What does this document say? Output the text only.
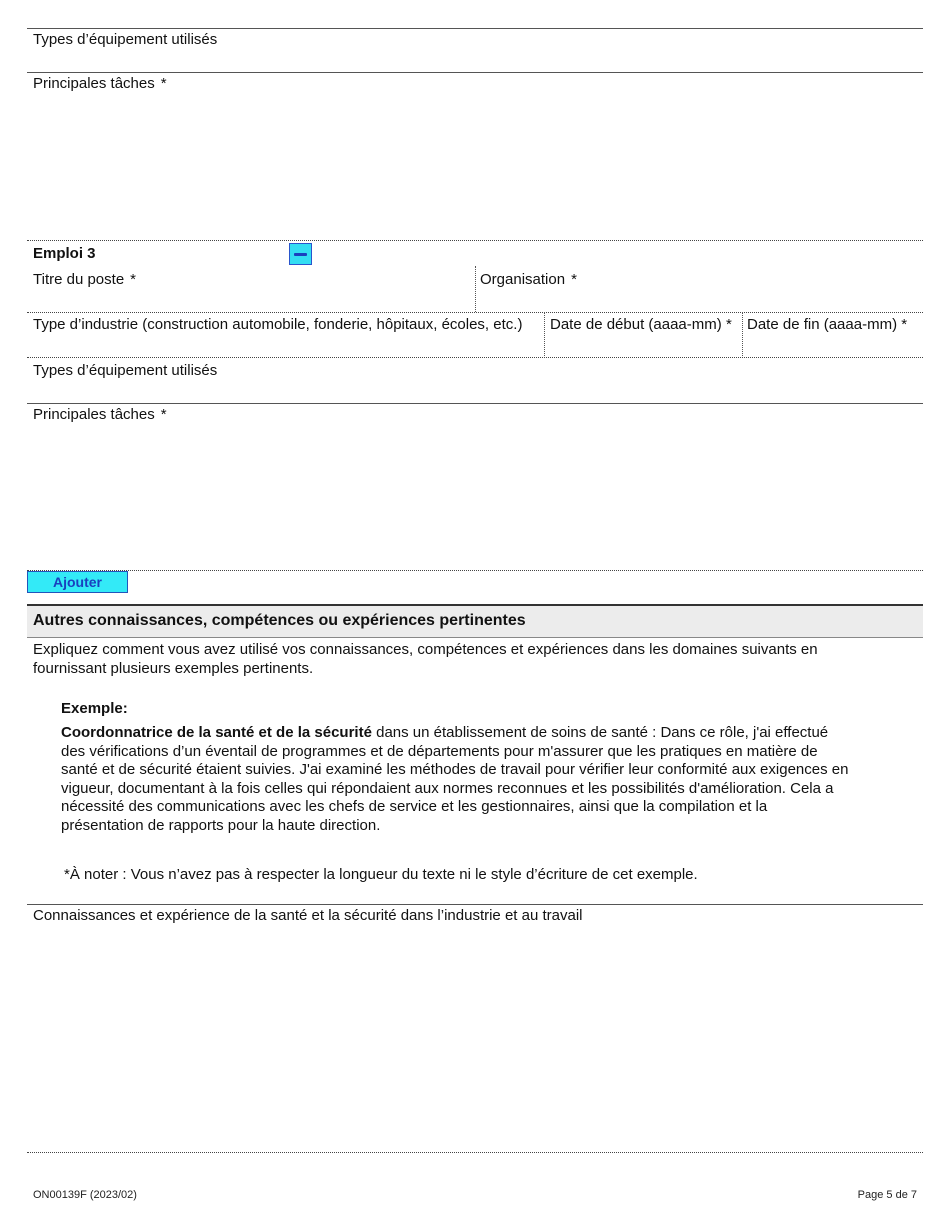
Types d’équipement utilisés
Principales tâches *
Emploi 3
Titre du poste *	Organisation *
Type d’industrie (construction automobile, fonderie, hôpitaux, écoles, etc.) Date de début (aaaa-mm) * Date de fin (aaaa-mm) *
Types d’équipement utilisés
Principales tâches *
Ajouter
Autres connaissances, compétences ou expériences pertinentes
Expliquez comment vous avez utilisé vos connaissances, compétences et expériences dans les domaines suivants en
fournissant plusieurs exemples pertinents.
Exemple:
Coordonnatrice de la santé et de la sécurité dans un établissement de soins de santé : Dans ce rôle, j'ai effectué
des vérifications d’un éventail de programmes et de départements pour m'assurer que les pratiques en matière de
santé et de sécurité étaient suivies. J'ai examiné les méthodes de travail pour vérifier leur conformité aux exigences en
vigueur, documentant à la fois celles qui répondaient aux normes reconnues et les possibilités d'amélioration. Cela a
nécessité des communications avec les chefs de service et les gestionnaires, ainsi que la compilation et la
présentation de rapports pour la haute direction.
*À noter : Vous n’avez pas à respecter la longueur du texte ni le style d’écriture de cet exemple.
Connaissances et expérience de la santé et la sécurité dans l’industrie et au travail
ON00139F (2023/02)	Page 5 de 7
